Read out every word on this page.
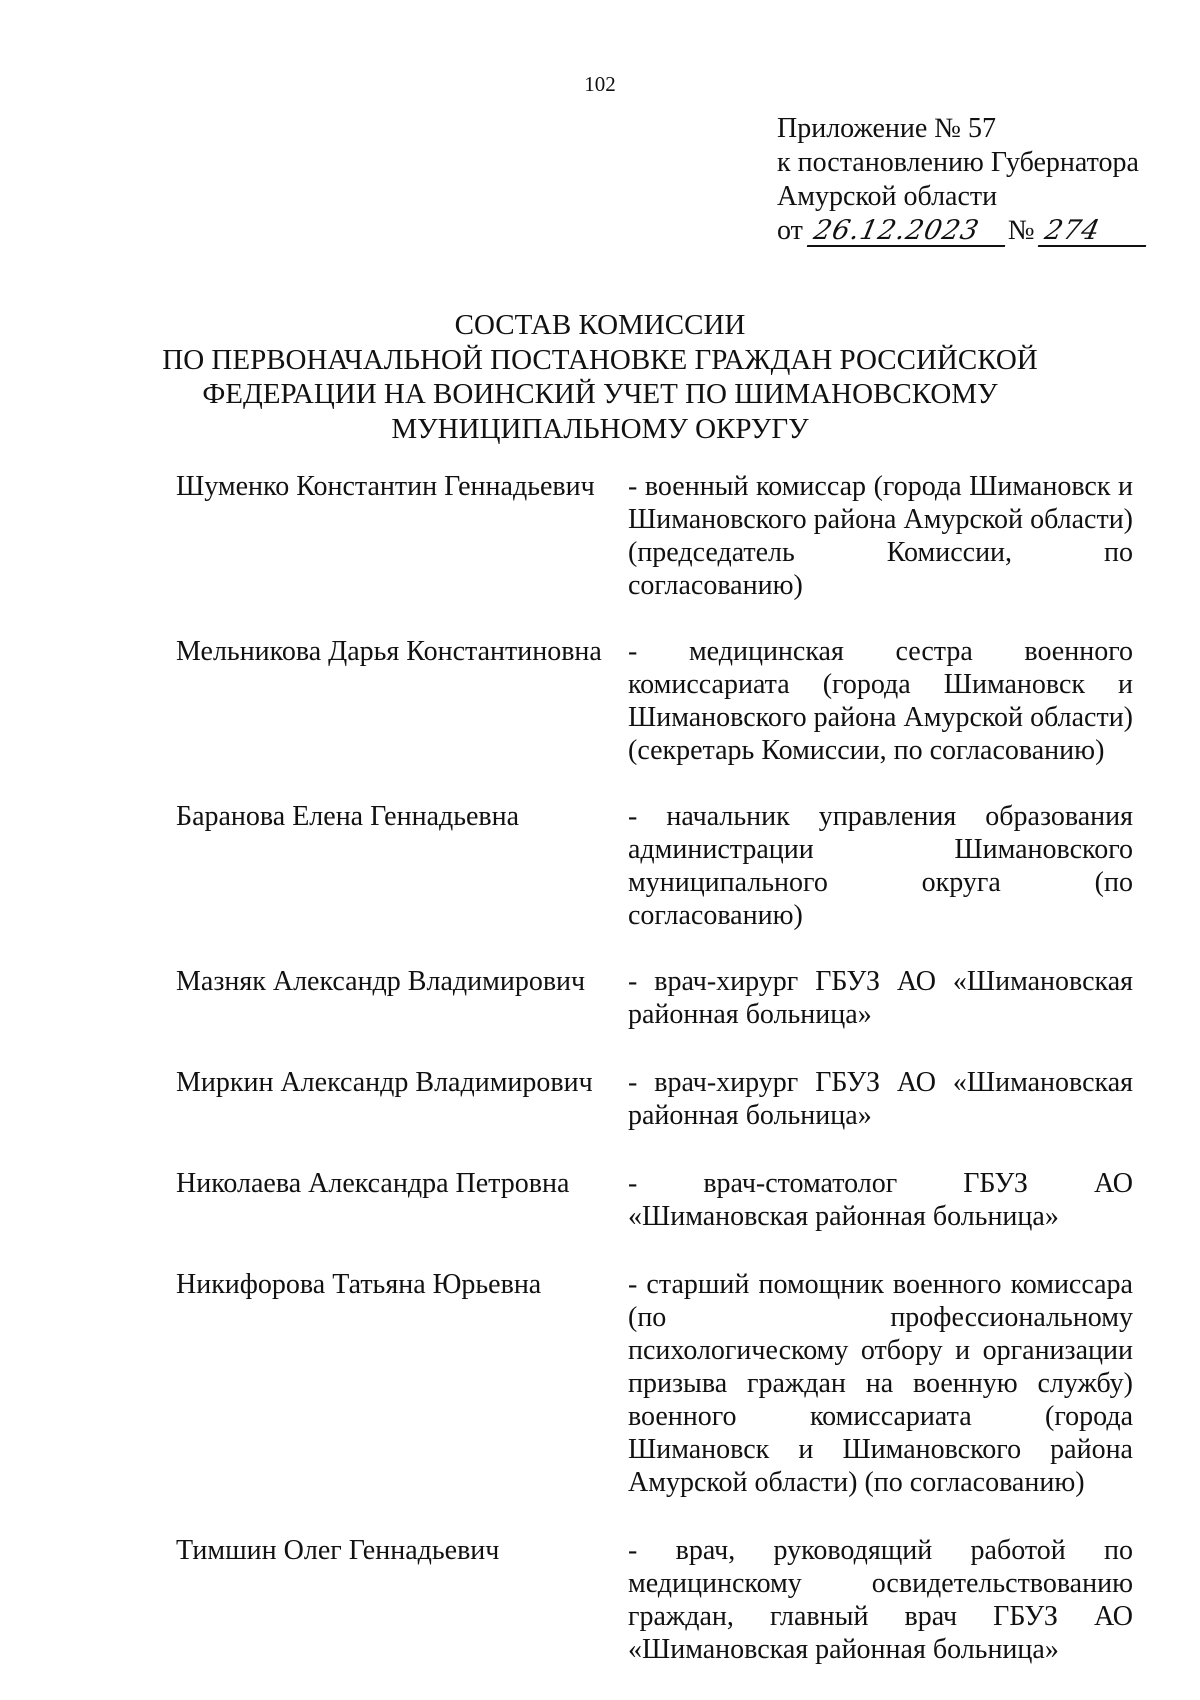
102
Приложение № 57
к постановлению Губернатора
Амурской области
от
26.12.2023 № 274
СОСТАВ КОМИССИИ
ПО ПЕРВОНАЧАЛЬНОЙ ПОСТАНОВКЕ ГРАЖДАН РОССИЙСКОЙ
ФЕДЕРАЦИИ НА ВОИНСКИЙ УЧЕТ ПО ШИМАНОВСКОМУ
МУНИЦИПАЛЬНОМУ ОКРУГУ
Шуменко Константин Геннадьевич	- военный комиссар (города Шимановск и Шимановского района Амурской области) (председатель Комиссии, по согласованию)
Мельникова Дарья Константиновна - медицинская сестра военного комиссариата (города Шимановск и Шимановского района Амурской области) (секретарь Комиссии, по согласованию)
Баранова Елена Геннадьевна	- начальник управления образования администрации Шимановского муниципального округа (по согласованию)
Мазняк Александр Владимирович	- врач-хирург ГБУЗ АО «Шимановская районная больница»
Миркин Александр Владимирович	- врач-хирург ГБУЗ АО «Шимановская районная больница»
Николаева Александра Петровна	- врач-стоматолог ГБУЗ АО «Шимановская районная больница»
Никифорова Татьяна Юрьевна	- старший помощник военного комиссара (по профессиональному психологическому отбору и организации призыва граждан на военную службу) военного комиссариата (города Шимановск и Шимановского района Амурской области) (по согласованию)
Тимшин Олег Геннадьевич	- врач, руководящий работой по медицинскому освидетельствованию граждан, главный врач ГБУЗ АО «Шимановская районная больница»
